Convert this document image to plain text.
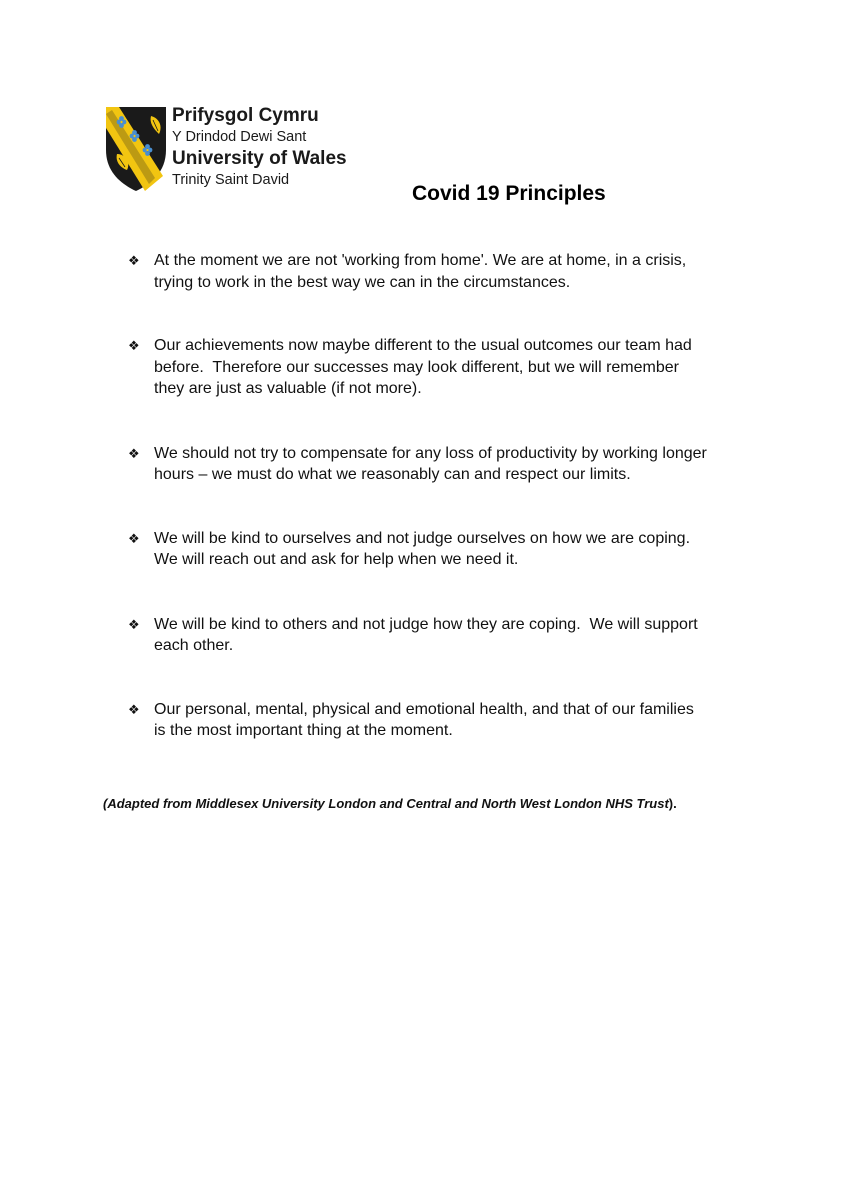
Prifysgol Cymru
Y Drindod Dewi Sant
University of Wales
Trinity Saint David
Covid 19 Principles
❖ At the moment we are not 'working from home'. We are at home, in a crisis,
trying to work in the best way we can in the circumstances.
❖ Our achievements now maybe different to the usual outcomes our team had
before.  Therefore our successes may look different, but we will remember
they are just as valuable (if not more).
❖ We should not try to compensate for any loss of productivity by working longer
hours – we must do what we reasonably can and respect our limits.
❖ We will be kind to ourselves and not judge ourselves on how we are coping.
We will reach out and ask for help when we need it.
❖ We will be kind to others and not judge how they are coping.  We will support
each other.
❖ Our personal, mental, physical and emotional health, and that of our families
is the most important thing at the moment.
(Adapted from Middlesex University London and Central and North West London NHS Trust).
